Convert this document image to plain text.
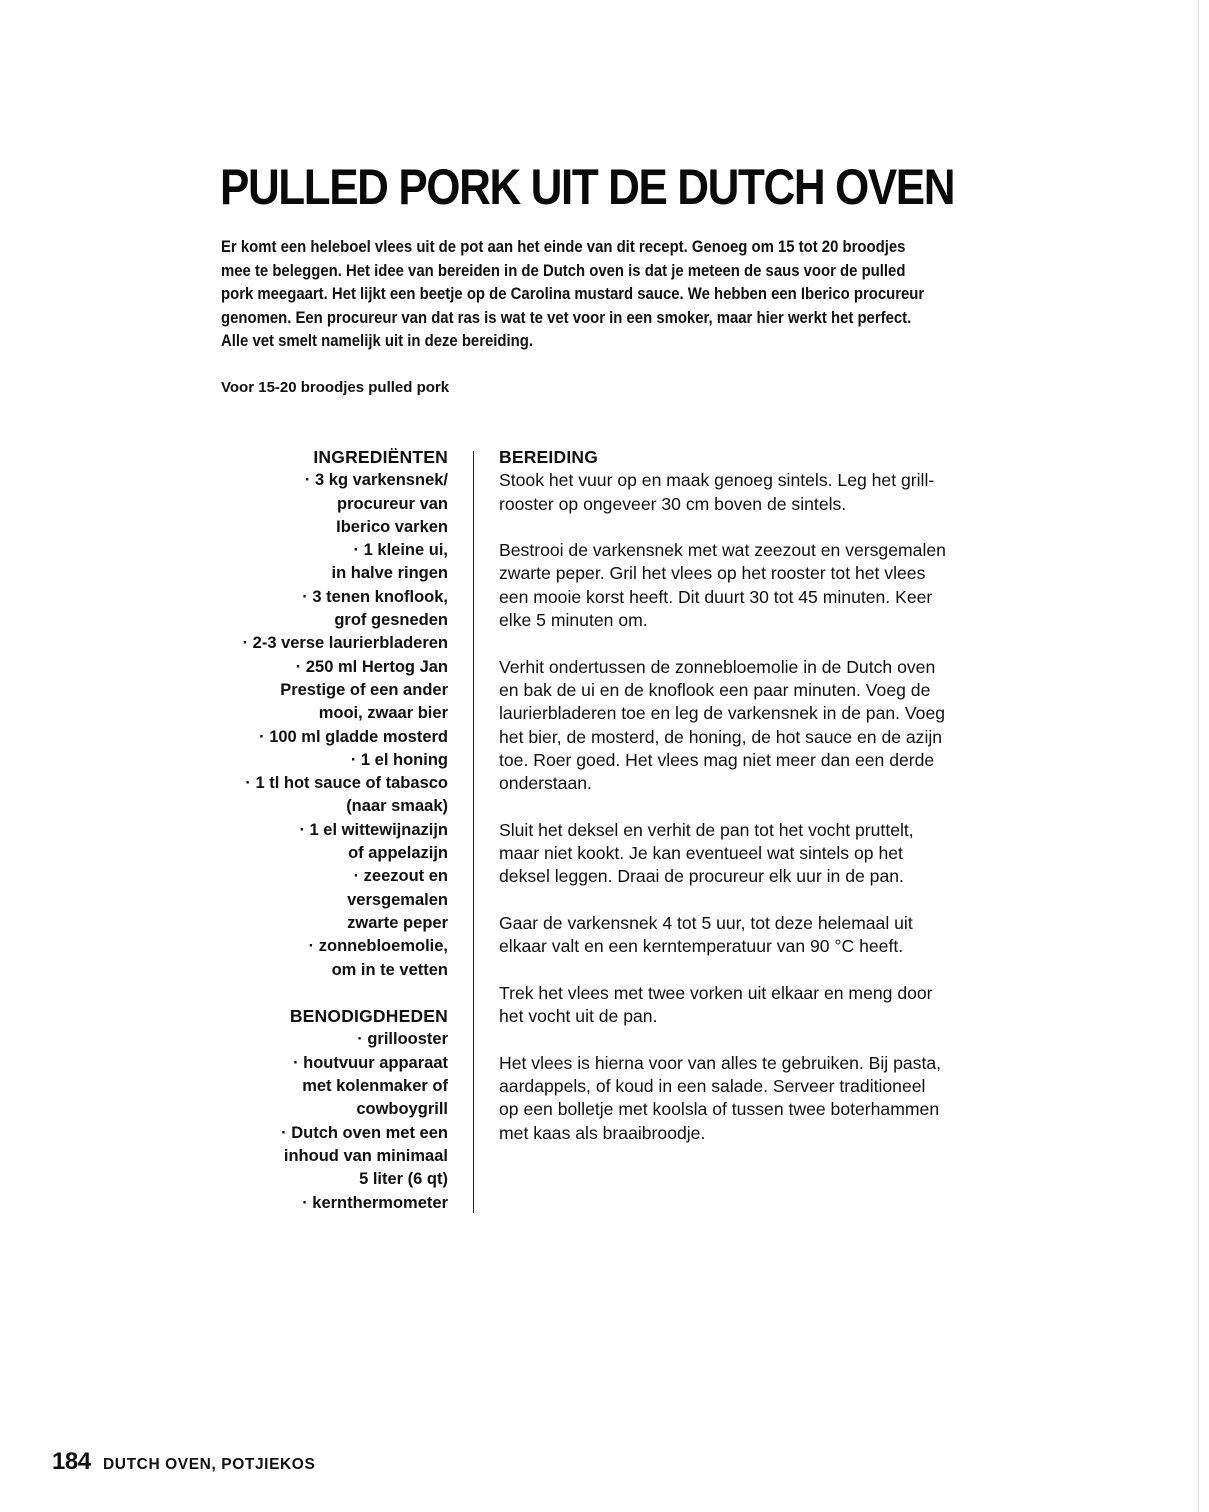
PULLED PORK UIT DE DUTCH OVEN
Er komt een heleboel vlees uit de pot aan het einde van dit recept. Genoeg om 15 tot 20 broodjes
mee te beleggen. Het idee van bereiden in de Dutch oven is dat je meteen de saus voor de pulled
pork meegaart. Het lijkt een beetje op de Carolina mustard sauce. We hebben een Iberico procureur
genomen. Een procureur van dat ras is wat te vet voor in een smoker, maar hier werkt het perfect.
Alle vet smelt namelijk uit in deze bereiding.

Voor 15-20 broodjes pulled pork

INGREDIËNTEN
· 3 kg varkensnek/
procureur van
Iberico varken
· 1 kleine ui,
in halve ringen
· 3 tenen knoflook,
grof gesneden
· 2-3 verse laurierbladeren
· 250 ml Hertog Jan
Prestige of een ander
mooi, zwaar bier
· 100 ml gladde mosterd
· 1 el honing
· 1 tl hot sauce of tabasco
(naar smaak)
· 1 el wittewijnazijn
of appelazijn
· zeezout en
versgemalen
zwarte peper
· zonnebloemolie,
om in te vetten
BENODIGDHEDEN
· grillooster
· houtvuur apparaat
met kolenmaker of
cowboygrill
· Dutch oven met een
inhoud van minimaal
5 liter (6 qt)
· kernthermometer
BEREIDING

Stook het vuur op en maak genoeg sintels. Leg het grill-
rooster op ongeveer 30 cm boven de sintels.

Bestrooi de varkensnek met wat zeezout en versgemalen
zwarte peper. Gril het vlees op het rooster tot het vlees
een mooie korst heeft. Dit duurt 30 tot 45 minuten. Keer
elke 5 minuten om.

Verhit ondertussen de zonnebloemolie in de Dutch oven
en bak de ui en de knoflook een paar minuten. Voeg de
laurierbladeren toe en leg de varkensnek in de pan. Voeg
het bier, de mosterd, de honing, de hot sauce en de azijn
toe. Roer goed. Het vlees mag niet meer dan een derde
onderstaan.

Sluit het deksel en verhit de pan tot het vocht pruttelt,
maar niet kookt. Je kan eventueel wat sintels op het
deksel leggen. Draai de procureur elk uur in de pan.

Gaar de varkensnek 4 tot 5 uur, tot deze helemaal uit
elkaar valt en een kerntemperatuur van 90 °C heeft.

Trek het vlees met twee vorken uit elkaar en meng door
het vocht uit de pan.

Het vlees is hierna voor van alles te gebruiken. Bij pasta,
aardappels, of koud in een salade. Serveer traditioneel
op een bolletje met koolsla of tussen twee boterhammen
met kaas als braaibroodje.

184 DUTCH OVEN, POTJIEKOS
